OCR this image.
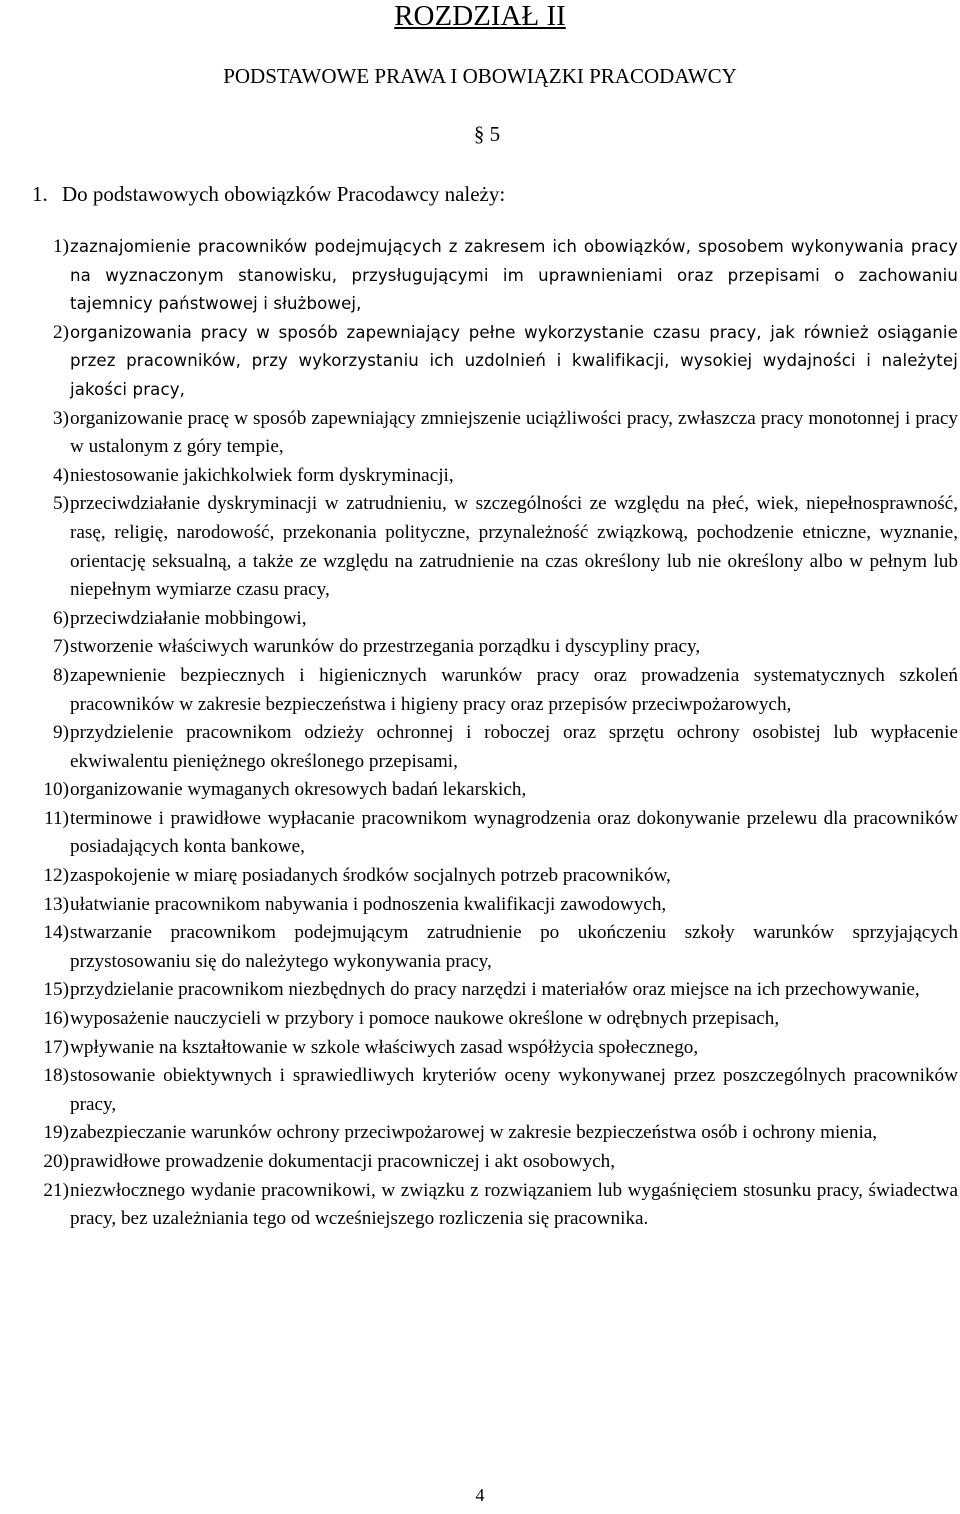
ROZDZIAŁ II
PODSTAWOWE PRAWA I OBOWIĄZKI PRACODAWCY
§ 5
1. Do podstawowych obowiązków Pracodawcy należy:
1) zaznajomienie pracowników podejmujących z zakresem ich obowiązków, sposobem wykonywania pracy na wyznaczonym stanowisku, przysługującymi im uprawnieniami oraz przepisami o zachowaniu tajemnicy państwowej i służbowej,
2) organizowania pracy w sposób zapewniający pełne wykorzystanie czasu pracy, jak również osiąganie przez pracowników, przy wykorzystaniu ich uzdolnień i kwalifikacji, wysokiej wydajności i należytej jakości pracy,
3) organizowanie pracę w sposób zapewniający zmniejszenie uciążliwości pracy, zwłaszcza pracy monotonnej i pracy w ustalonym z góry tempie,
4) niestosowanie jakichkolwiek form dyskryminacji,
5) przeciwdziałanie dyskryminacji w zatrudnieniu, w szczególności ze względu na płeć, wiek, niepełnosprawność, rasę, religię, narodowość, przekonania polityczne, przynależność związkową, pochodzenie etniczne, wyznanie, orientację seksualną, a także ze względu na zatrudnienie na czas określony lub nie określony albo w pełnym lub niepełnym wymiarze czasu pracy,
6) przeciwdziałanie mobbingowi,
7) stworzenie właściwych warunków do przestrzegania porządku i dyscypliny pracy,
8) zapewnienie bezpiecznych i higienicznych warunków pracy oraz prowadzenia systematycznych szkoleń pracowników w zakresie bezpieczeństwa i higieny pracy oraz przepisów przeciwpożarowych,
9) przydzielenie pracownikom odzieży ochronnej i roboczej oraz sprzętu ochrony osobistej lub wypłacenie ekwiwalentu pieniężnego określonego przepisami,
10) organizowanie wymaganych okresowych badań lekarskich,
11) terminowe i prawidłowe wypłacanie pracownikom wynagrodzenia oraz dokonywanie przelewu dla pracowników posiadających konta bankowe,
12) zaspokojenie w miarę posiadanych środków socjalnych potrzeb pracowników,
13) ułatwianie pracownikom nabywania i podnoszenia kwalifikacji zawodowych,
14) stwarzanie pracownikom podejmującym zatrudnienie po ukończeniu szkoły warunków sprzyjających przystosowaniu się do należytego wykonywania pracy,
15) przydzielanie pracownikom niezbędnych do pracy narzędzi i materiałów oraz miejsce na ich przechowywanie,
16) wyposażenie nauczycieli w przybory i pomoce naukowe określone w odrębnych przepisach,
17) wpływanie na kształtowanie w szkole właściwych zasad współżycia społecznego,
18) stosowanie obiektywnych i sprawiedliwych kryteriów oceny wykonywanej przez poszczególnych pracowników pracy,
19) zabezpieczanie warunków ochrony przeciwpożarowej w zakresie bezpieczeństwa osób i ochrony mienia,
20) prawidłowe prowadzenie dokumentacji pracowniczej i akt osobowych,
21) niezwłocznego wydanie pracownikowi, w związku z rozwiązaniem lub wygaśnięciem stosunku pracy, świadectwa pracy, bez uzależniania tego od wcześniejszego rozliczenia się pracownika.
4
